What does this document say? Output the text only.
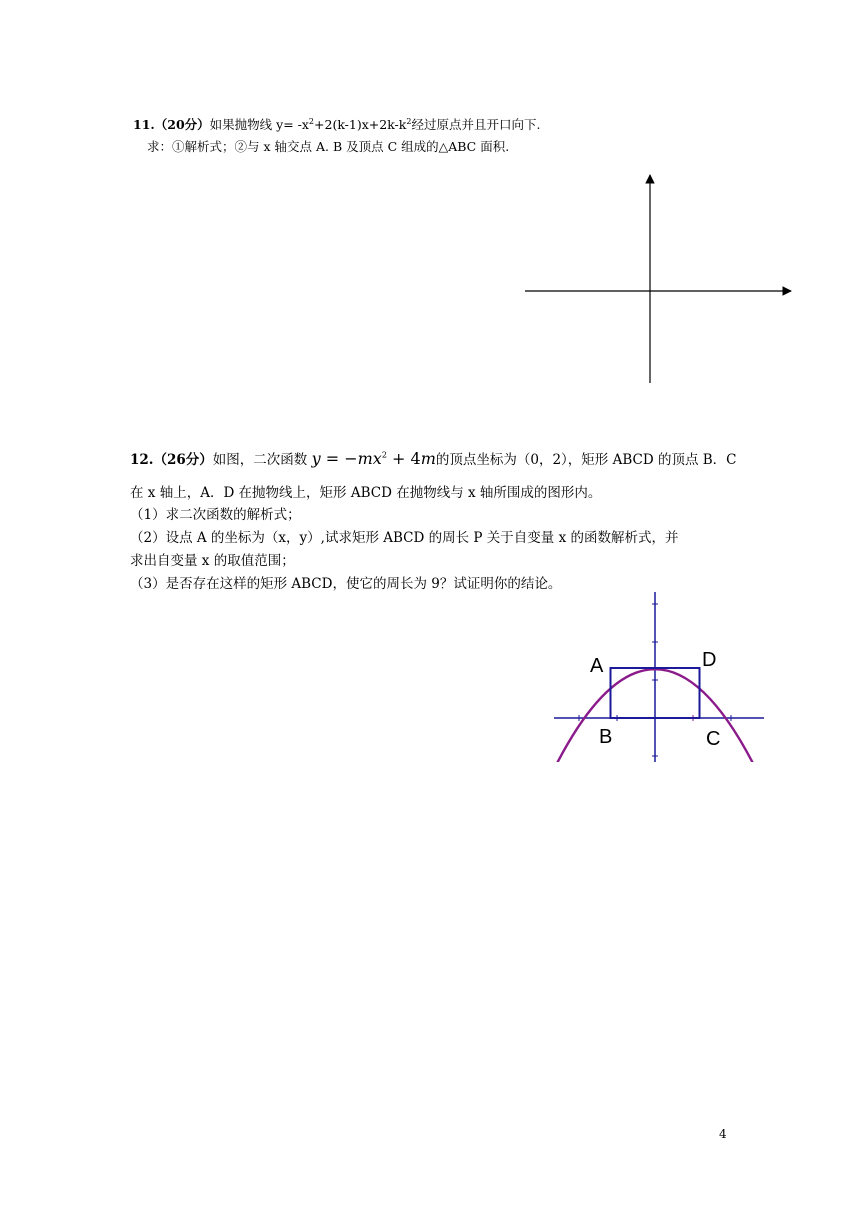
11.（20分）如果抛物线 $y= -x^2+2(k-1)x+2k-k^2$经过原点并且开口向下.
求：①解析式；②与 x 轴交点 A. B 及顶点 C 组成的△ABC 面积.
12.（26分）如图，二次函数 $y = -mx^2 + 4m$的顶点坐标为（0，2），矩形 ABCD 的顶点 B．C
在 x 轴上，A．D 在抛物线上，矩形 ABCD 在抛物线与 x 轴所围成的图形内。
（1）求二次函数的解析式；
（2）设点 A 的坐标为（x，y）,试求矩形 ABCD 的周长 P 关于自变量 x 的函数解析式，并
求出自变量 x 的取值范围；
（3）是否存在这样的矩形 ABCD，使它的周长为 9？试证明你的结论。
A	D
B	C
4
